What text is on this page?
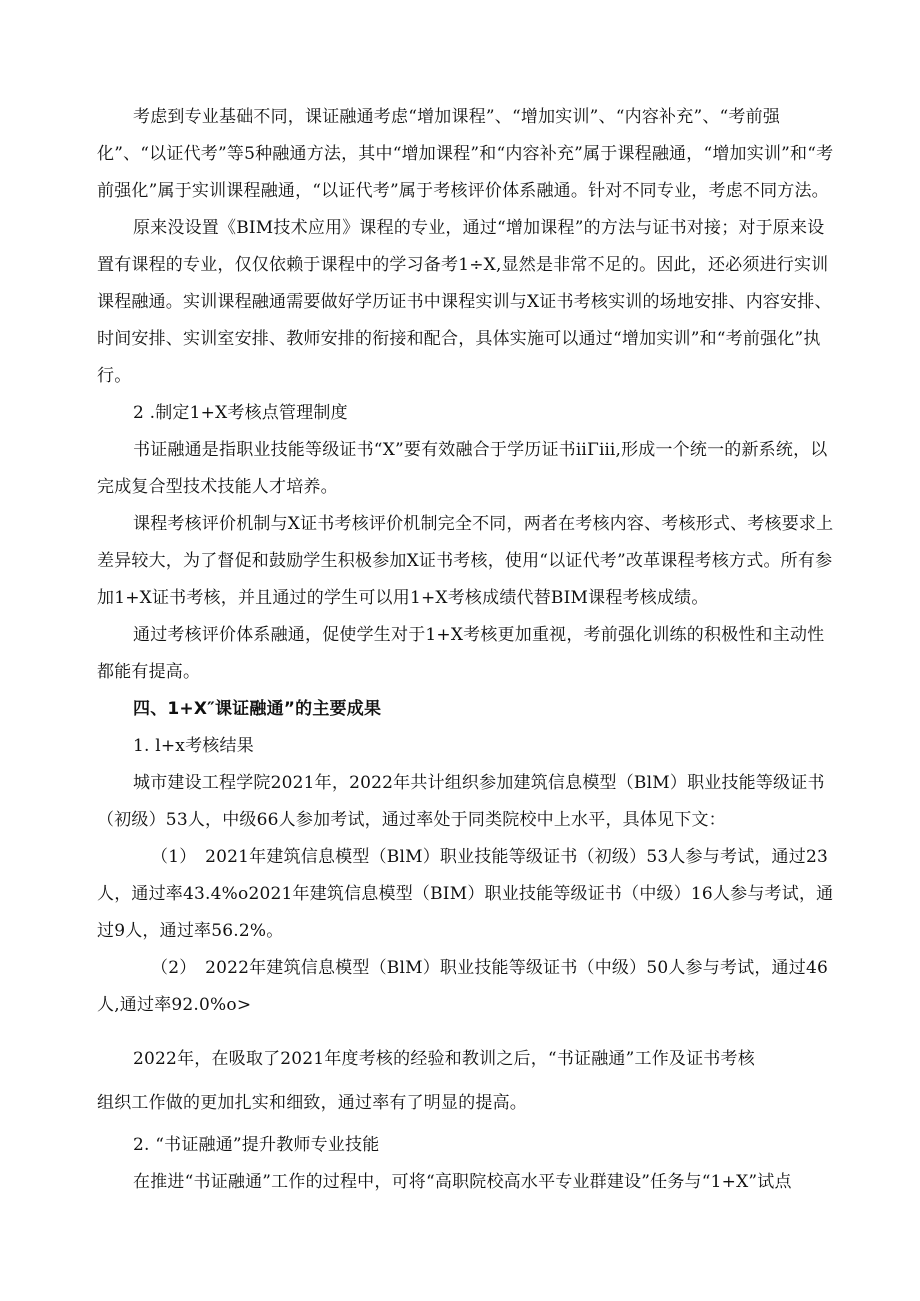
考虑到专业基础不同，课证融通考虑“增加课程”、“增加实训”、“内容补充”、“考前强化”、“以证代考”等5种融通方法，其中“增加课程”和“内容补充”属于课程融通，“增加实训”和“考前强化”属于实训课程融通，“以证代考”属于考核评价体系融通。针对不同专业，考虑不同方法。

原来没设置《BIM技术应用》课程的专业，通过“增加课程”的方法与证书对接；对于原来设置有课程的专业，仅仅依赖于课程中的学习备考1÷X,显然是非常不足的。因此，还必须进行实训课程融通。实训课程融通需要做好学历证书中课程实训与X证书考核实训的场地安排、内容安排、时间安排、实训室安排、教师安排的衔接和配合，具体实施可以通过“增加实训”和“考前强化”执行。

2 .制定1+X考核点管理制度

书证融通是指职业技能等级证书“X”要有效融合于学历证书ⅱΓⅲ,形成一个统一的新系统，以完成复合型技术技能人才培养。

课程考核评价机制与X证书考核评价机制完全不同，两者在考核内容、考核形式、考核要求上差异较大，为了督促和鼓励学生积极参加X证书考核，使用“以证代考”改革课程考核方式。所有参加1+X证书考核，并且通过的学生可以用1+X考核成绩代替BIM课程考核成绩。

通过考核评价体系融通，促使学生对于1+X考核更加重视，考前强化训练的积极性和主动性都能有提高。

四、1+X″课证融通”的主要成果

1. l+x考核结果

城市建设工程学院2021年，2022年共计组织参加建筑信息模型（BlM）职业技能等级证书（初级）53人，中级66人参加考试，通过率处于同类院校中上水平，具体见下文：

（1）　2021年建筑信息模型（BlM）职业技能等级证书（初级）53人参与考试，通过23人，通过率43.4%o2021年建筑信息模型（BIM）职业技能等级证书（中级）16人参与考试，通过9人，通过率56.2%。

（2）　2022年建筑信息模型（BlM）职业技能等级证书（中级）50人参与考试，通过46人,通过率92.0%o>

2022年，在吸取了2021年度考核的经验和教训之后，“书证融通”工作及证书考核

组织工作做的更加扎实和细致，通过率有了明显的提高。

2. “书证融通”提升教师专业技能

在推进“书证融通”工作的过程中，可将“高职院校高水平专业群建设”任务与“1+X”试点
